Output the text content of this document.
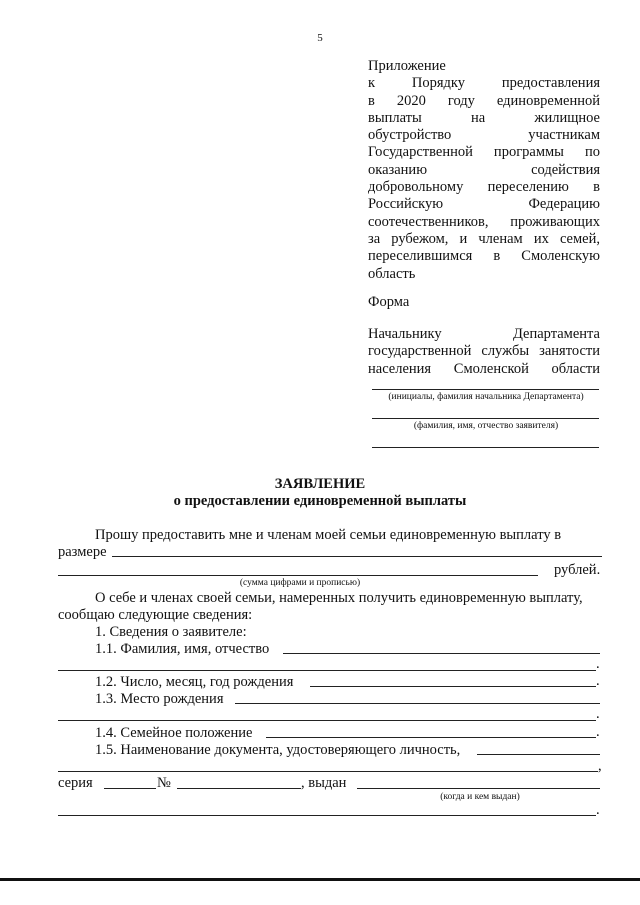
5
Приложение
к Порядку предоставления
в 2020 году единовременной
выплаты на жилищное
обустройство участникам
Государственной программы по
оказанию содействия
добровольному переселению в
Российскую Федерацию
соотечественников, проживающих
за рубежом, и членам их семей,
переселившимся в Смоленскую
область
Форма
Начальнику Департамента
государственной службы занятости
населения Смоленской области
(инициалы, фамилия начальника Департамента)
(фамилия, имя, отчество заявителя)
ЗАЯВЛЕНИЕ
о предоставлении единовременной выплаты
Прошу предоставить мне и членам моей семьи единовременную выплату в
размере
рублей.
(сумма цифрами и прописью)
О себе и членах своей семьи, намеренных получить единовременную выплату,
сообщаю следующие сведения:
1. Сведения о заявителе:
1.1. Фамилия, имя, отчество
.
1.2. Число, месяц, год рождения	.
1.3. Место рождения
.
1.4. Семейное положение	.
1.5. Наименование документа, удостоверяющего личность,
,
серия	№	, выдан
(когда и кем выдан)
.
